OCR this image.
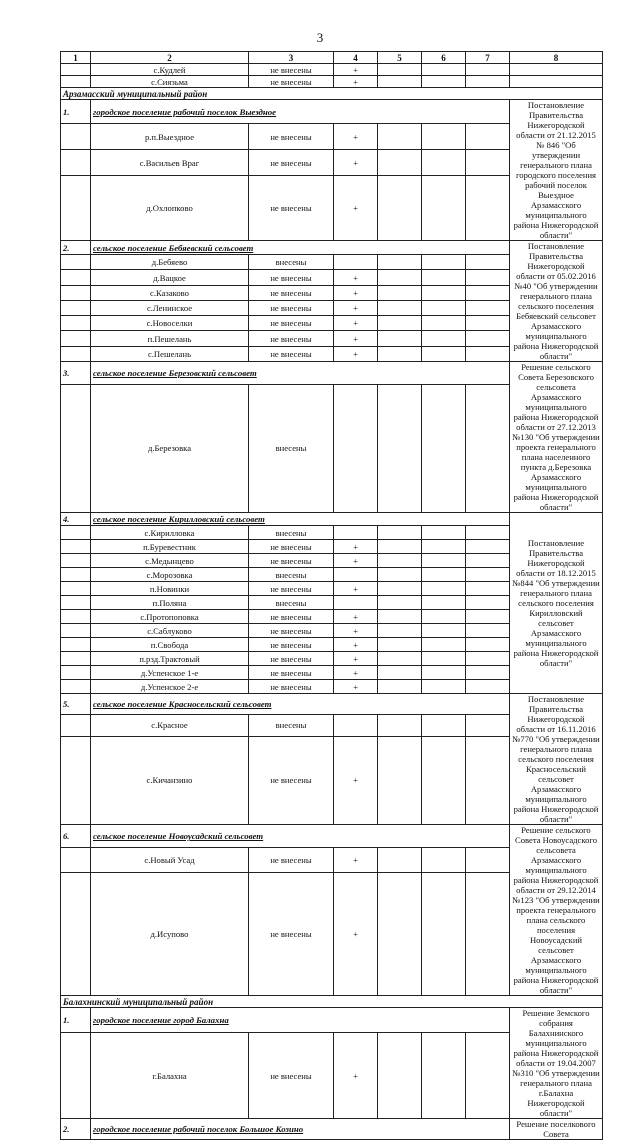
3
1	2	3	4	5	6	7	8
	с.Кудлей	не внесены	+				
	с.Сиязьма	не внесены	+				
Арзамасский муниципальный район							
1.	городское поселение рабочий поселок Выездное						Постановление Правительства Нижегородской области от 21.12.2015 № 846 "Об утверждении генерального плана городского поселения рабочий поселок Выездное Арзамасского муниципального района Нижегородской области"
	р.п.Выездное	не внесены	+				
	с.Васильев Враг	не внесены	+				
	д.Охлопково	не внесены	+				
2.	сельское поселение Бебяевский сельсовет						Постановление Правительства Нижегородской области от 05.02.2016 №40 "Об утверждении генерального плана сельского поселения Бебяевский сельсовет Арзамасского муниципального района Нижегородской области"
	д.Бебяево	внесены					
	д.Вацкое	не внесены	+				
	с.Казаково	не внесены	+				
	с.Ленинское	не внесены	+				
	с.Новоселки	не внесены	+				
	п.Пешелань	не внесены	+				
	с.Пешелань	не внесены	+				
3.	сельское поселение Березовский сельсовет						Решение сельского Совета Березовского сельсовета Арзамасского муниципального района Нижегородской области от 27.12.2013 №130 "Об утверждении проекта генерального плана населенного пункта д.Березовка Арзамасского муниципального района Нижегородской области"
	д.Березовка	внесены					
4.	сельское поселение Кирилловский сельсовет						Постановление Правительства Нижегородской области от 18.12.2015 №844 "Об утверждении генерального плана сельского поселения Кирилловский сельсовет Арзамасского муниципального района Нижегородской области"
	с.Кирилловка	внесены					
	п.Буревестник	не внесены	+				
	с.Медынцево	не внесены	+				
	с.Морозовка	внесены					
	п.Новинки	не внесены	+				
	п.Поляна	внесены					
	с.Протопоповка	не внесены	+				
	с.Саблуково	не внесены	+				
	п.Свобода	не внесены	+				
	п.рзд.Трактовый	не внесены	+				
	д.Успенское 1-е	не внесены	+				
	д.Успенское 2-е	не внесены	+				
5.	сельское поселение Красносельский сельсовет						Постановление Правительства Нижегородской области от 16.11.2016 №770 "Об утверждении генерального плана сельского поселения Красносельский сельсовет Арзамасского муниципального района Нижегородской области"
	с.Красное	внесены					
	с.Кичанзино	не внесены	+				
6.	сельское поселение Новоусадский сельсовет						Решение сельского Совета Новоусадского сельсовета Арзамасского муниципального района Нижегородской области от 29.12.2014 №123 "Об утверждении проекта генерального плана сельского поселения Новоусадский сельсовет Арзамасского муниципального района Нижегородской области"
	с.Новый Усад	не внесены	+				
	д.Исупово	не внесены	+				
Балахнинский муниципальный район							
1.	городское поселение город Балахна						Решение Земского собрания Балахнинского муниципального района Нижегородской области от 19.04.2007 №310 "Об утверждении генерального плана г.Балахна Нижегородской области"
	г.Балахна	не внесены	+				
2.	городское поселение рабочий поселок Большое Козино						Решение поселкового Совета
